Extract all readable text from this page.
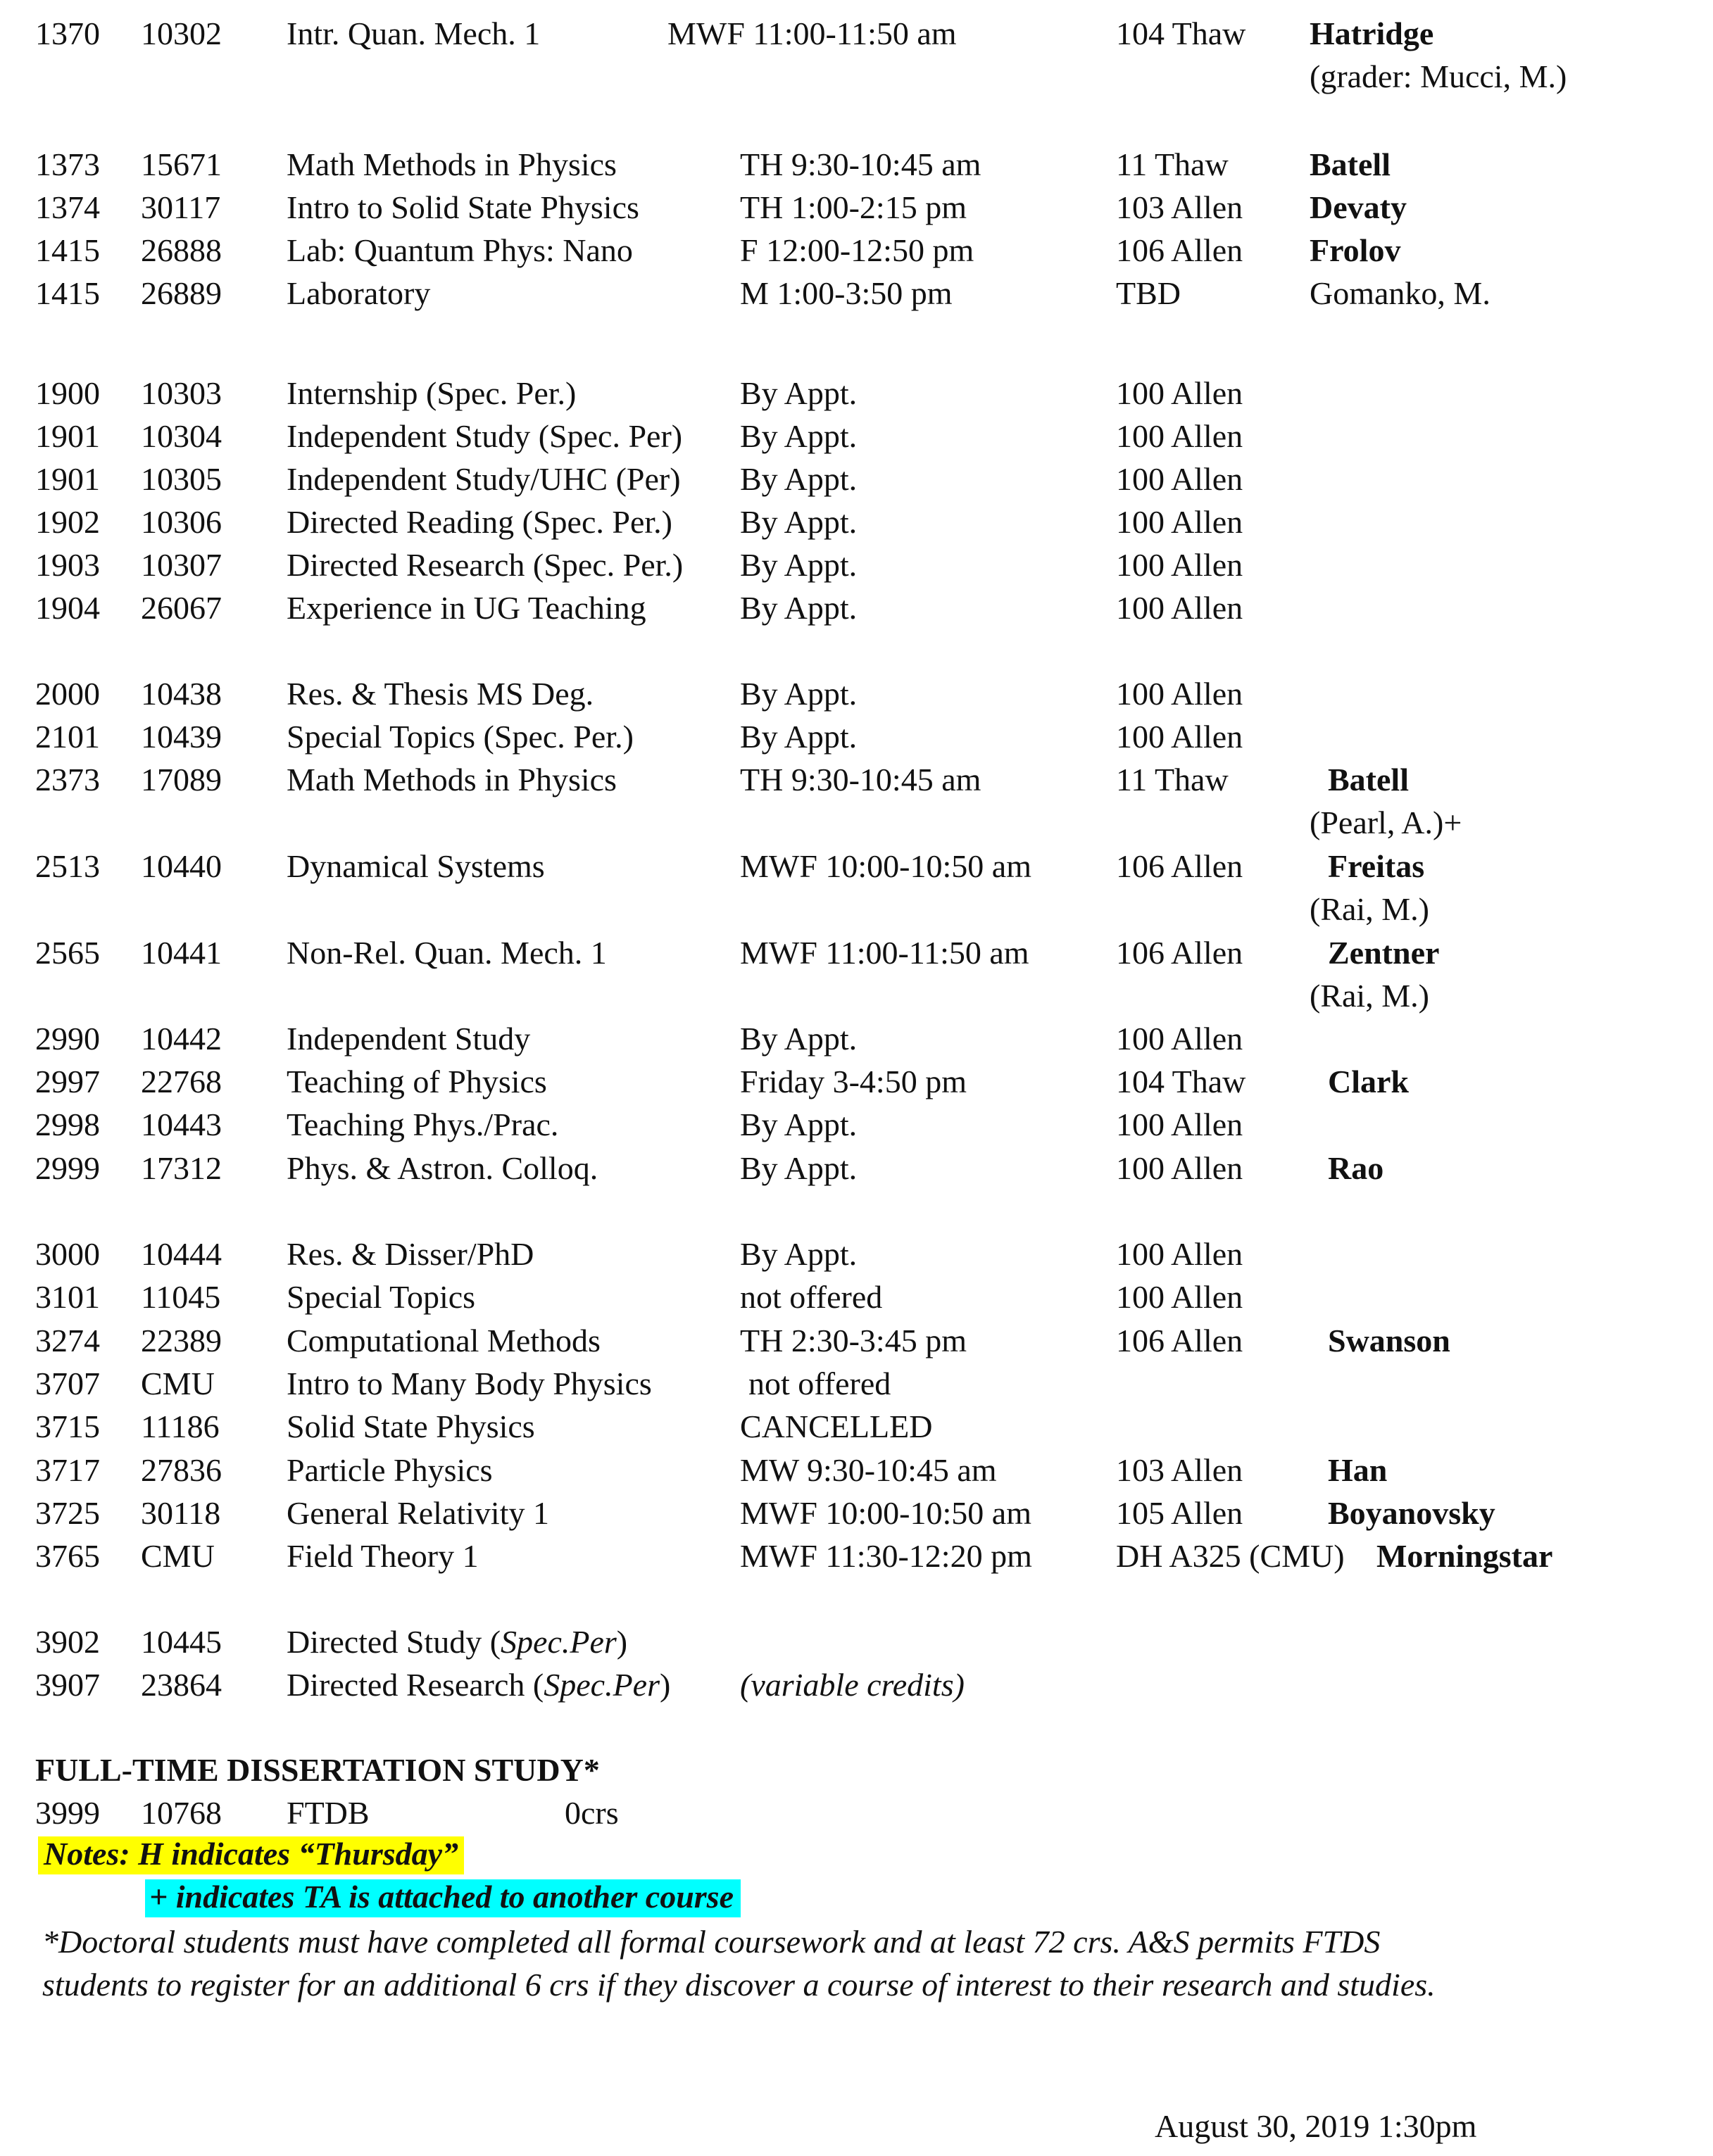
1370 10302 Intr. Quan. Mech. 1	MWF 11:00-11:50 am	104 Thaw Hatridge
(grader: Mucci, M.)
1373 15671 Math Methods in Physics	TH 9:30-10:45 am	11 Thaw	Batell
1374 30117 Intro to Solid State Physics	TH 1:00-2:15 pm	103 Allen Devaty
1415 26888 Lab: Quantum Phys: Nano	F 12:00-12:50 pm	106 Allen Frolov
1415 26889 Laboratory	M 1:00-3:50 pm	TBD	Gomanko, M.
1900 10303 Internship (Spec. Per.)	By Appt.	100 Allen
1901 10304 Independent Study (Spec. Per) By Appt.	100 Allen
1901 10305 Independent Study/UHC (Per) By Appt.	100 Allen
1902 10306 Directed Reading (Spec. Per.) By Appt.	100 Allen
1903 10307 Directed Research (Spec. Per.) By Appt.	100 Allen
1904 26067 Experience in UG Teaching	By Appt.	100 Allen
2000 10438 Res. & Thesis MS Deg.	By Appt.	100 Allen
2101 10439 Special Topics (Spec. Per.)	By Appt.	100 Allen
2373 17089 Math Methods in Physics	TH 9:30-10:45 am	11 Thaw	Batell
(Pearl, A.)+
2513 10440 Dynamical Systems	MWF 10:00-10:50 am	106 Allen	Freitas
(Rai, M.)
2565 10441 Non-Rel. Quan. Mech. 1	MWF 11:00-11:50 am	106 Allen	Zentner
(Rai, M.)
2990 10442 Independent Study	By Appt.	100 Allen
2997 22768 Teaching of Physics	Friday 3-4:50 pm	104 Thaw	Clark
2998 10443 Teaching Phys./Prac.	By Appt.	100 Allen
2999 17312 Phys. & Astron. Colloq.	By Appt.	100 Allen	Rao
3000 10444 Res. & Disser/PhD	By Appt.	100 Allen
3101 11045 Special Topics	not offered	100 Allen
3274 22389 Computational Methods	TH 2:30-3:45 pm	106 Allen	Swanson
3707 CMU Intro to Many Body Physics	not offered
3715 11186 Solid State Physics	CANCELLED
3717 27836 Particle Physics	MW 9:30-10:45 am	103 Allen	Han
3725 30118 General Relativity 1	MWF 10:00-10:50 am	105 Allen	Boyanovsky
3765 CMU Field Theory 1	MWF 11:30-12:20 pm	DH A325 (CMU) Morningstar
3902 10445 Directed Study (Spec.Per)
3907 23864 Directed Research (Spec.Per) (variable credits)
FULL-TIME DISSERTATION STUDY*
3999 10768 FTDB	0crs
Notes: H indicates “Thursday”
+ indicates TA is attached to another course
*Doctoral students must have completed all formal coursework and at least 72 crs. A&S permits FTDS
students to register for an additional 6 crs if they discover a course of interest to their research and studies.
August 30, 2019 1:30pm
